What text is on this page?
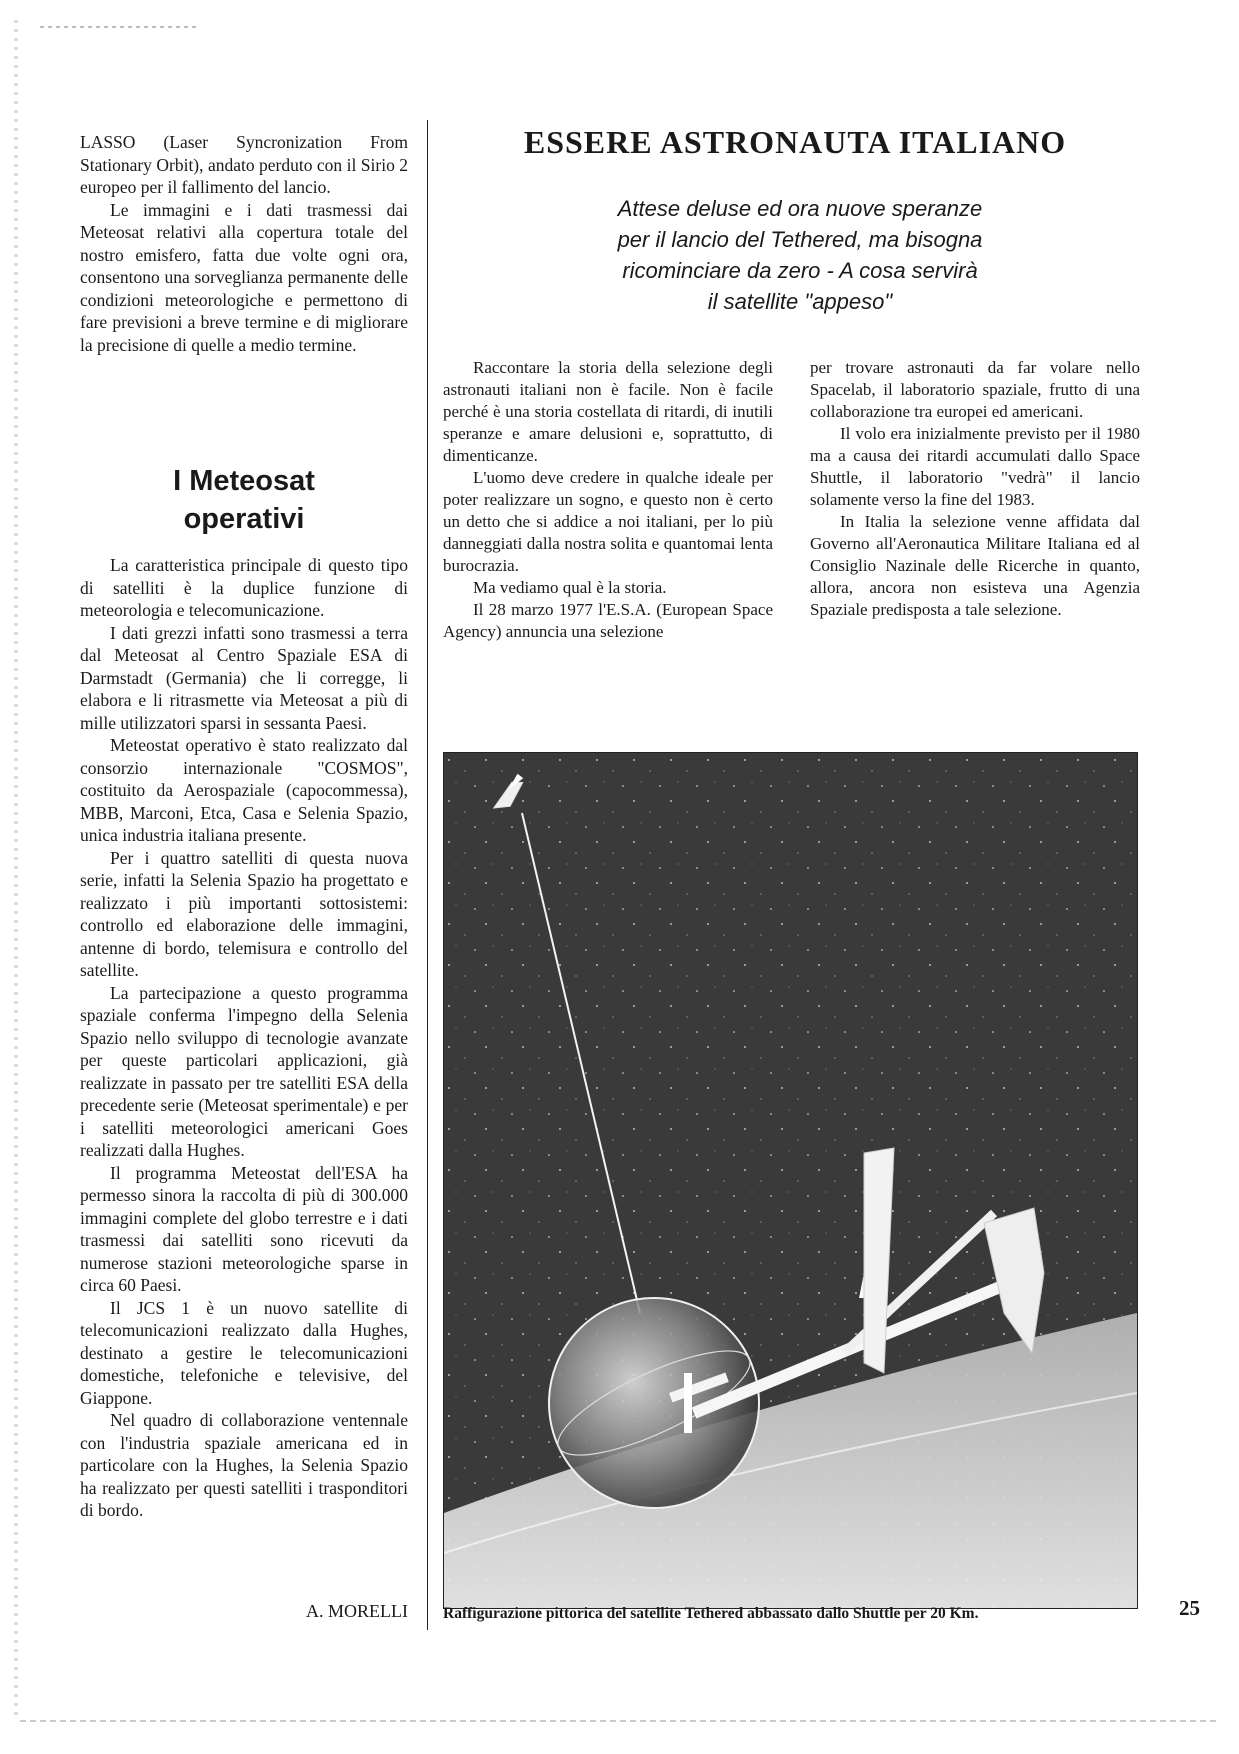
LASSO (Laser Syncronization From Stationary Orbit), andato perduto con il Sirio 2 europeo per il fallimento del lancio.

Le immagini e i dati trasmessi dai Meteosat relativi alla copertura totale del nostro emisfero, fatta due volte ogni ora, consentono una sorveglianza permanente delle condizioni meteorologiche e permettono di fare previsioni a breve termine e di migliorare la precisione di quelle a medio termine.

I Meteosat
operativi

La caratteristica principale di questo tipo di satelliti è la duplice funzione di meteorologia e telecomunicazione.

I dati grezzi infatti sono trasmessi a terra dal Meteosat al Centro Spaziale ESA di Darmstadt (Germania) che li corregge, li elabora e li ritrasmette via Meteosat a più di mille utilizzatori sparsi in sessanta Paesi.

Meteostat operativo è stato realizzato dal consorzio internazionale "COSMOS", costituito da Aerospaziale (capocommessa), MBB, Marconi, Etca, Casa e Selenia Spazio, unica industria italiana presente.

Per i quattro satelliti di questa nuova serie, infatti la Selenia Spazio ha progettato e realizzato i più importanti sottosistemi: controllo ed elaborazione delle immagini, antenne di bordo, telemisura e controllo del satellite.

La partecipazione a questo programma spaziale conferma l'impegno della Selenia Spazio nello sviluppo di tecnologie avanzate per queste particolari applicazioni, già realizzate in passato per tre satelliti ESA della precedente serie (Meteosat sperimentale) e per i satelliti meteorologici americani Goes realizzati dalla Hughes.

Il programma Meteostat dell'ESA ha permesso sinora la raccolta di più di 300.000 immagini complete del globo terrestre e i dati trasmessi dai satelliti sono ricevuti da numerose stazioni meteorologiche sparse in circa 60 Paesi.

Il JCS 1 è un nuovo satellite di telecomunicazioni realizzato dalla Hughes, destinato a gestire le telecomunicazioni domestiche, telefoniche e televisive, del Giappone.

Nel quadro di collaborazione ventennale con l'industria spaziale americana ed in particolare con la Hughes, la Selenia Spazio ha realizzato per questi satelliti i trasponditori di bordo.

A. MORELLI
ESSERE ASTRONAUTA ITALIANO
Attese deluse ed ora nuove speranze
per il lancio del Tethered, ma bisogna
ricominciare da zero - A cosa servirà
il satellite "appeso"

Raccontare la storia della selezione degli astronauti italiani non è facile. Non è facile perché è una storia costellata di ritardi, di inutili speranze e amare delusioni e, soprattutto, di dimenticanze.

L'uomo deve credere in qualche ideale per poter realizzare un sogno, e questo non è certo un detto che si addice a noi italiani, per lo più danneggiati dalla nostra solita e quantomai lenta burocrazia.

Ma vediamo qual è la storia.

Il 28 marzo 1977 l'E.S.A. (European Space Agency) annuncia una selezione

per trovare astronauti da far volare nello Spacelab, il laboratorio spaziale, frutto di una collaborazione tra europei ed americani.

Il volo era inizialmente previsto per il 1980 ma a causa dei ritardi accumulati dallo Space Shuttle, il laboratorio "vedrà" il lancio solamente verso la fine del 1983.

In Italia la selezione venne affidata dal Governo all'Aeronautica Militare Italiana ed al Consiglio Nazinale delle Ricerche in quanto, allora, ancora non esisteva una Agenzia Spaziale predisposta a tale selezione.

Raffigurazione pittorica del satellite Tethered abbassato dallo Shuttle per 20 Km.	25
